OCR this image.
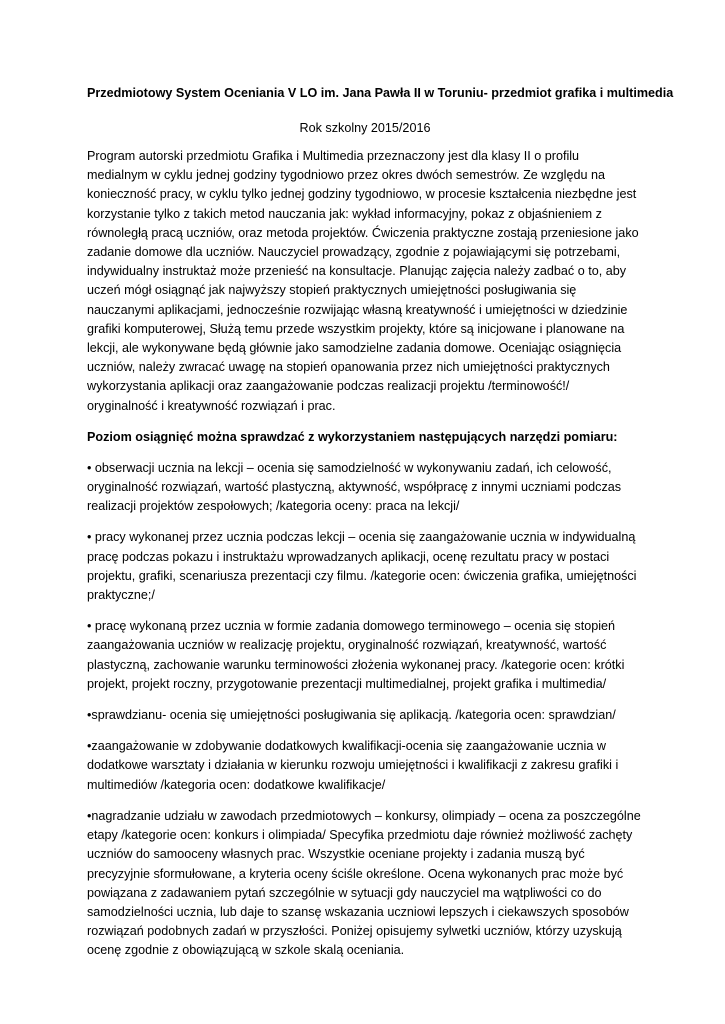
Przedmiotowy System Oceniania V LO im. Jana Pawła II w Toruniu- przedmiot grafika i multimedia
Rok szkolny 2015/2016

Program autorski przedmiotu Grafika i Multimedia przeznaczony jest dla klasy II o profilu medialnym w cyklu jednej godziny tygodniowo przez okres dwóch semestrów. Ze względu na konieczność pracy, w cyklu tylko jednej godziny tygodniowo, w procesie kształcenia niezbędne jest korzystanie tylko z takich metod nauczania jak: wykład informacyjny, pokaz z objaśnieniem z równoległą pracą uczniów, oraz metoda projektów. Ćwiczenia praktyczne zostają przeniesione jako zadanie domowe dla uczniów. Nauczyciel prowadzący, zgodnie z pojawiającymi się potrzebami, indywidualny instruktaż może przenieść na konsultacje. Planując zajęcia należy zadbać o to, aby uczeń mógł osiągnąć jak najwyższy stopień praktycznych umiejętności posługiwania się nauczanymi aplikacjami, jednocześnie rozwijając własną kreatywność i umiejętności w dziedzinie grafiki komputerowej, Służą temu przede wszystkim projekty, które są inicjowane i planowane na lekcji, ale wykonywane będą głównie jako samodzielne zadania domowe. Oceniając osiągnięcia uczniów, należy zwracać uwagę na stopień opanowania przez nich umiejętności praktycznych wykorzystania aplikacji oraz zaangażowanie podczas realizacji projektu /terminowość!/ oryginalność i kreatywność rozwiązań i prac.

Poziom osiągnięć można sprawdzać z wykorzystaniem następujących narzędzi pomiaru:

• obserwacji ucznia na lekcji – ocenia się samodzielność w wykonywaniu zadań, ich celowość, oryginalność rozwiązań, wartość plastyczną, aktywność, współpracę z innymi uczniami podczas realizacji projektów zespołowych; /kategoria oceny: praca na lekcji/

• pracy wykonanej przez ucznia podczas lekcji – ocenia się zaangażowanie ucznia w indywidualną pracę podczas pokazu i instruktażu wprowadzanych aplikacji, ocenę rezultatu pracy w postaci projektu, grafiki, scenariusza prezentacji czy filmu. /kategorie ocen: ćwiczenia grafika, umiejętności praktyczne;/

• pracę wykonaną przez ucznia w formie zadania domowego terminowego – ocenia się stopień zaangażowania uczniów w realizację projektu, oryginalność rozwiązań, kreatywność, wartość plastyczną, zachowanie warunku terminowości złożenia wykonanej pracy. /kategorie ocen: krótki projekt, projekt roczny, przygotowanie prezentacji multimedialnej, projekt grafika i multimedia/

•sprawdzianu- ocenia się umiejętności posługiwania się aplikacją. /kategoria ocen: sprawdzian/

•zaangażowanie w zdobywanie dodatkowych kwalifikacji-ocenia się zaangażowanie ucznia w dodatkowe warsztaty i działania w kierunku rozwoju umiejętności i kwalifikacji z zakresu grafiki i multimediów /kategoria ocen: dodatkowe kwalifikacje/

•nagradzanie udziału w zawodach przedmiotowych – konkursy, olimpiady – ocena za poszczególne etapy /kategorie ocen: konkurs i olimpiada/ Specyfika przedmiotu daje również możliwość zachęty uczniów do samooceny własnych prac. Wszystkie oceniane projekty i zadania muszą być precyzyjnie sformułowane, a kryteria oceny ściśle określone. Ocena wykonanych prac może być powiązana z zadawaniem pytań szczególnie w sytuacji gdy nauczyciel ma wątpliwości co do samodzielności ucznia, lub daje to szansę wskazania uczniowi lepszych i ciekawszych sposobów rozwiązań podobnych zadań w przyszłości. Poniżej opisujemy sylwetki uczniów, którzy uzyskują ocenę zgodnie z obowiązującą w szkole skalą oceniania.
